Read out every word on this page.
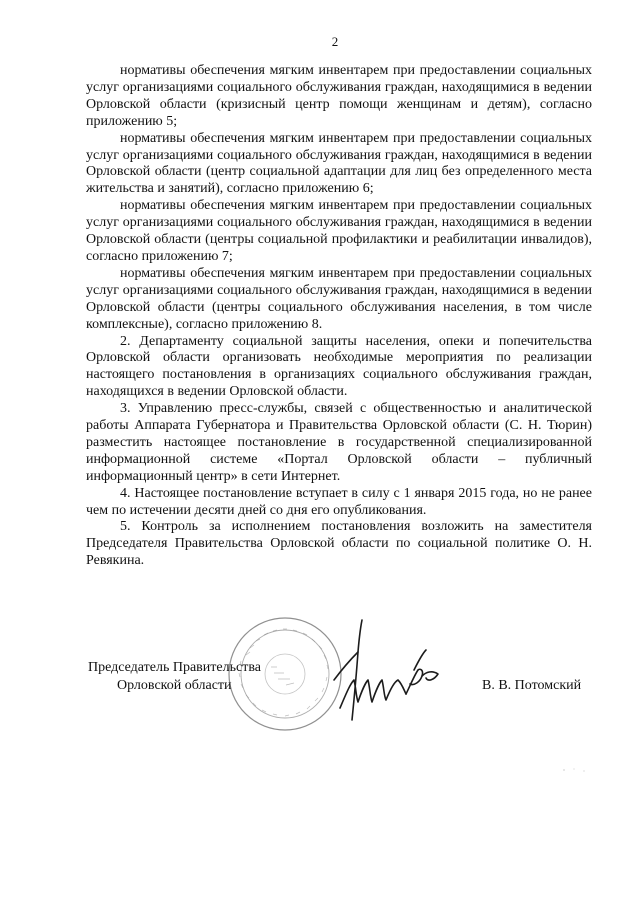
2

нормативы обеспечения мягким инвентарем при предоставлении социальных услуг организациями социального обслуживания граждан, находящимися в ведении Орловской области (кризисный центр помощи женщинам и детям), согласно приложению 5;

нормативы обеспечения мягким инвентарем при предоставлении социальных услуг организациями социального обслуживания граждан, находящимися в ведении Орловской области (центр социальной адаптации для лиц без определенного места жительства и занятий), согласно приложению 6;

нормативы обеспечения мягким инвентарем при предоставлении социальных услуг организациями социального обслуживания граждан, находящимися в ведении Орловской области (центры социальной профилактики и реабилитации инвалидов), согласно приложению 7;

нормативы обеспечения мягким инвентарем при предоставлении социальных услуг организациями социального обслуживания граждан, находящимися в ведении Орловской области (центры социального обслуживания населения, в том числе комплексные), согласно приложению 8.

2. Департаменту социальной защиты населения, опеки и попечительства Орловской области организовать необходимые мероприятия по реализации настоящего постановления в организациях социального обслуживания граждан, находящихся в ведении Орловской области.

3. Управлению пресс-службы, связей с общественностью и аналитической работы Аппарата Губернатора и Правительства Орловской области (С. Н. Тюрин) разместить настоящее постановление в государственной специализированной информационной системе «Портал Орловской области – публичный информационный центр» в сети Интернет.

4. Настоящее постановление вступает в силу с 1 января 2015 года, но не ранее чем по истечении десяти дней со дня его опубликования.

5. Контроль за исполнением постановления возложить на заместителя Председателя Правительства Орловской области по социальной политике О. Н. Ревякина.

Председатель Правительства
Орловской области	В. В. Потомский
